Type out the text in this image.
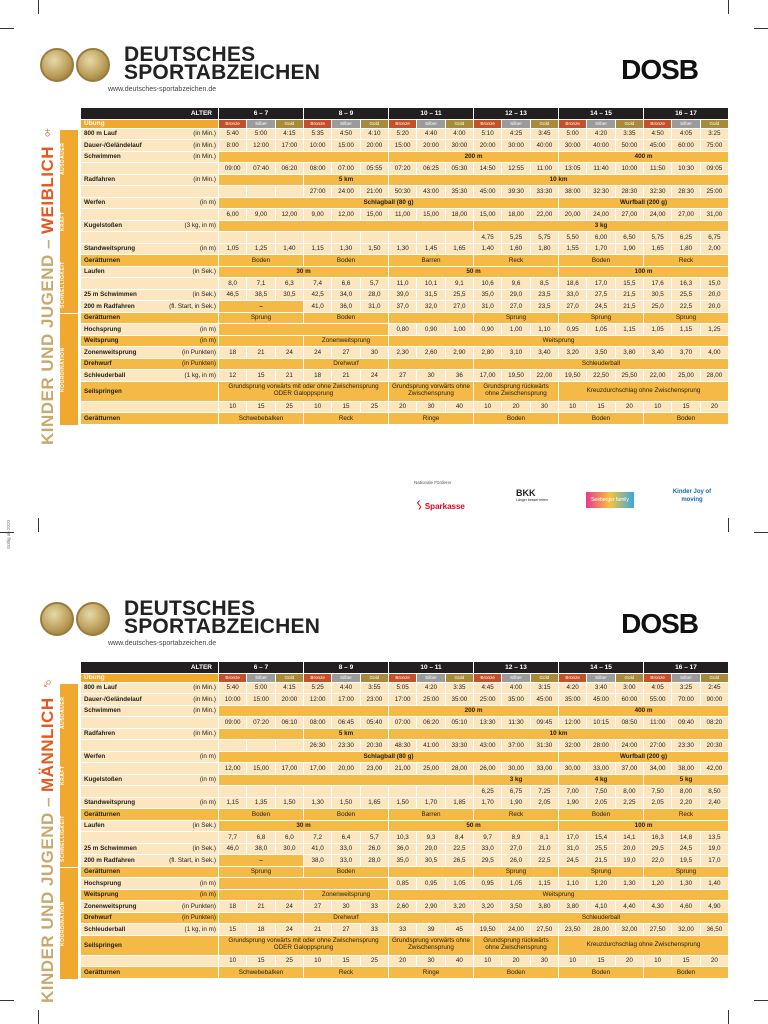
Gültig ab 2020
Nationale Förderer
ᛊ Sparkasse
BKK
Länger besser leben	Seeberger family
Kinder Joy of moving
DEUTSCHES
SPORTABZEICHEN
www.deutsches-sportabzeichen.de
DOSB
KINDER UND JUGEND – WEIBLICH ♀
ALTER	6 – 7			8 – 9			10 – 11			12 – 13			14 – 15			16 – 17		
Übung	Bronze	Silber	Gold	Bronze	Silber	Gold	Bronze	Silber	Gold	Bronze	Silber	Gold	Bronze	Silber	Gold	Bronze	Silber	Gold
800 m Lauf (in Min.)	5:40	5:00	4:15	5:35	4:50	4:10	5:20	4:40	4:00	5:10	4:25	3:45	5:00	4:20	3:35	4:50	4:05	3:25
Dauer-/Geländelauf (in Min.)	8:00	12:00	17:00	10:00	15:00	20:00	15:00	20:00	30:00	20:00	30:00	40:00	30:00	40:00	50:00	45:00	60:00	75:00
Schwimmen (in Min.)							200 m						400 m					

	09:00	07:40	06:20	08:00	07:00	05:55	07:20	06:25	05:30	14:50	12:55	11:00	13:05	11:40	10:00	11:50	10:30	09:05
Radfahren (in Min.)				5 km			10 km											

				27:00	24:00	21:00	50:30	43:00	35:30	45:00	39:30	33:30	38:00	32:30	28:30	32:30	28:30	25:00
Werfen (in m)	Schlagball (80 g)												Wurfball (200 g)					

	6,00	9,00	12,00	9,00	12,00	15,00	11,00	15,00	18,00	15,00	18,00	22,00	20,00	24,00	27,00	24,00	27,00	31,00
Kugelstoßen (3 kg, in m)										3 kg								

										4,75	5,25	5,75	5,50	6,00	6,50	5,75	6,25	6,75
Standweitsprung (in m)	1,05	1,25	1,40	1,15	1,30	1,50	1,30	1,45	1,65	1,40	1,60	1,80	1,55	1,70	1,90	1,65	1,80	2,00
Gerätturnen	Boden			Boden			Barren			Reck			Boden			Reck		
Laufen (in Sek.)	30 m						50 m						100 m					

	8,0	7,1	6,3	7,4	6,6	5,7	11,0	10,1	9,1	10,6	9,6	8,5	18,6	17,0	15,5	17,6	16,3	15,0
25 m Schwimmen (in Sek.)	46,5	38,5	30,5	42,5	34,0	28,0	39,0	31,5	25,5	35,0	29,0	23,5	33,0	27,5	21,5	30,5	25,5	20,0
200 m Radfahren (fl. Start, in Sek.)	–			41,0	36,0	31,0	37,0	32,0	27,0	31,0	27,0	23,5	27,0	24,5	21,5	25,0	22,5	20,0
Gerätturnen	Sprung			Boden						Sprung			Sprung			Sprung		
Hochsprung (in m)							0,80	0,90	1,00	0,90	1,00	1,10	0,95	1,05	1,15	1,05	1,15	1,25
Weitsprung (in m)				Zonenweitsprung			Weitsprung											
Zonenweitsprung (in Punkten)	18	21	24	24	27	30	2,30	2,60	2,90	2,80	3,10	3,40	3,20	3,50	3,80	3,40	3,70	4,00
Drehwurf (in Punkten)				Drehwurf						Schleuderball								
Schleuderball (1 kg, in m)	12	15	21	18	21	24	27	30	36	17,00	19,50	22,00	19,50	22,50	25,50	22,00	25,00	28,00
Seilspringen	Grundsprung vorwärts mit oder ohne Zwischensprung ODER Galoppsprung						Grundsprung vorwärts ohne Zwischensprung			Grundsprung rückwärts ohne Zwischensprung			Kreuzdurchschlag ohne Zwischensprung					

	10	15	25	10	15	25	20	30	40	10	20	30	10	15	20	10	15	20
Gerätturnen	Schwebebalken			Reck			Ringe			Boden			Boden			Boden		
AUSDAUER
KRAFT
SCHNELLIGKEIT
KOORDINATION
DEUTSCHES
SPORTABZEICHEN
www.deutsches-sportabzeichen.de
DOSB
KINDER UND JUGEND – MÄNNLICH ♂
ALTER	6 – 7			8 – 9			10 – 11			12 – 13			14 – 15			16 – 17		
Übung	Bronze	Silber	Gold	Bronze	Silber	Gold	Bronze	Silber	Gold	Bronze	Silber	Gold	Bronze	Silber	Gold	Bronze	Silber	Gold
800 m Lauf (in Min.)	5:40	5:00	4:15	5:25	4:40	3:55	5:05	4:20	3:35	4:45	4:00	3:15	4:20	3:40	3:00	4:05	3:25	2:45
Dauer-/Geländelauf (in Min.)	10:00	15:00	20:00	12:00	17:00	23:00	17:00	25:00	35:00	25:00	35:00	45:00	35:00	45:00	60:00	55:00	70:00	90:00
Schwimmen (in Min.)							200 m						400 m					

	09:00	07:20	06:10	08:00	06:45	05:40	07:00	06:20	05:10	13:30	11:30	09:45	12:00	10:15	08:50	11:00	09:40	08:20
Radfahren (in Min.)				5 km			10 km											

				26:30	23:30	20:30	48:30	41:00	33:30	43:00	37:00	31:30	32:00	28:00	24:00	27:00	23:30	20:30
Werfen (in m)	Schlagball (80 g)												Wurfball (200 g)					

	12,00	15,00	17,00	17,00	20,00	23,00	21,00	25,00	28,00	26,00	30,00	33,00	30,00	33,00	37,00	34,00	38,00	42,00
Kugelstoßen (in m)										3 kg			4 kg			5 kg		

										6,25	6,75	7,25	7,00	7,50	8,00	7,50	8,00	8,50
Standweitsprung (in m)	1,15	1,35	1,50	1,30	1,50	1,65	1,50	1,70	1,85	1,70	1,90	2,05	1,90	2,05	2,25	2,05	2,20	2,40
Gerätturnen	Boden			Boden			Barren			Reck			Boden			Reck		
Laufen (in Sek.)	30 m						50 m						100 m					

	7,7	6,8	6,0	7,2	6,4	5,7	10,3	9,3	8,4	9,7	8,9	8,1	17,0	15,4	14,1	16,3	14,8	13,5
25 m Schwimmen (in Sek.)	46,0	38,0	30,0	41,0	33,0	26,0	36,0	29,0	22,5	33,0	27,0	21,0	31,0	25,5	20,0	29,5	24,5	19,0
200 m Radfahren (fl. Start, in Sek.)	–			38,0	33,0	28,0	35,0	30,5	26,5	29,5	26,0	22,5	24,5	21,5	19,0	22,0	19,5	17,0
Gerätturnen	Sprung			Boden						Sprung			Sprung			Sprung		
Hochsprung (in m)							0,85	0,95	1,05	0,95	1,05	1,15	1,10	1,20	1,30	1,20	1,30	1,40
Weitsprung (in m)				Zonenweitsprung			Weitsprung											
Zonenweitsprung (in Punkten)	18	21	24	27	30	33	2,60	2,90	3,20	3,20	3,50	3,80	3,80	4,10	4,40	4,30	4,60	4,90
Drehwurf (in Punkten)				Drehwurf						Schleuderball								
Schleuderball (1 kg, in m)	15	18	24	21	27	33	33	39	45	19,50	24,00	27,50	23,50	28,00	32,00	27,50	32,00	36,50
Seilspringen	Grundsprung vorwärts mit oder ohne Zwischensprung ODER Galoppsprung						Grundsprung vorwärts ohne Zwischensprung			Grundsprung rückwärts ohne Zwischensprung			Kreuzdurchschlag ohne Zwischensprung					

	10	15	25	10	15	25	20	30	40	10	20	30	10	15	20	10	15	20
Gerätturnen	Schwebebalken			Reck			Ringe			Boden			Boden			Boden		
AUSDAUER
KRAFT
SCHNELLIGKEIT
KOORDINATION
